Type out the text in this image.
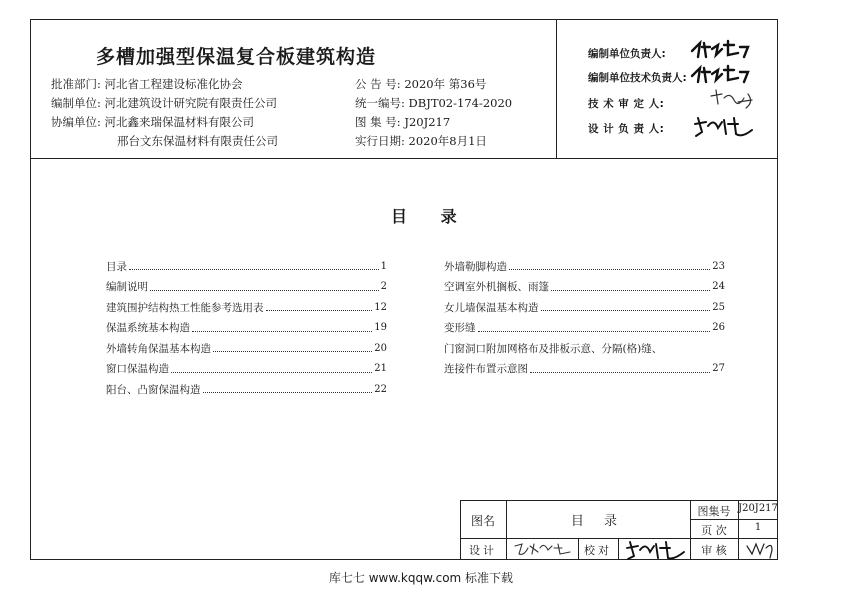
多槽加强型保温复合板建筑构造
批准部门: 河北省工程建设标准化协会
编制单位: 河北建筑设计研究院有限责任公司
协编单位: 河北鑫来瑞保温材料有限公司
邢台文东保温材料有限责任公司
公 告 号: 2020年 第36号
统一编号: DBJT02-174-2020
图 集 号: J20J217
实行日期: 2020年8月1日
编制单位负责人:
编制单位技术负责人:
技 术 审 定 人:
设 计 负 责 人:
目 录
目录	1
编制说明	2
建筑围护结构热工性能参考选用表	12
保温系统基本构造	19
外墙转角保温基本构造	20
窗口保温构造	21
阳台、凸窗保温构造	22
外墙勒脚构造	23
空调室外机搁板、雨篷	24
女儿墙保温基本构造	25
变形缝	26
门窗洞口附加网格布及排板示意、分隔(格)缝、
连接件布置示意图	27
图名	目 录
图集号 J20J217
页 次	1
设计	校对	审 核
库七七 www.kqqw.com 标准下载
